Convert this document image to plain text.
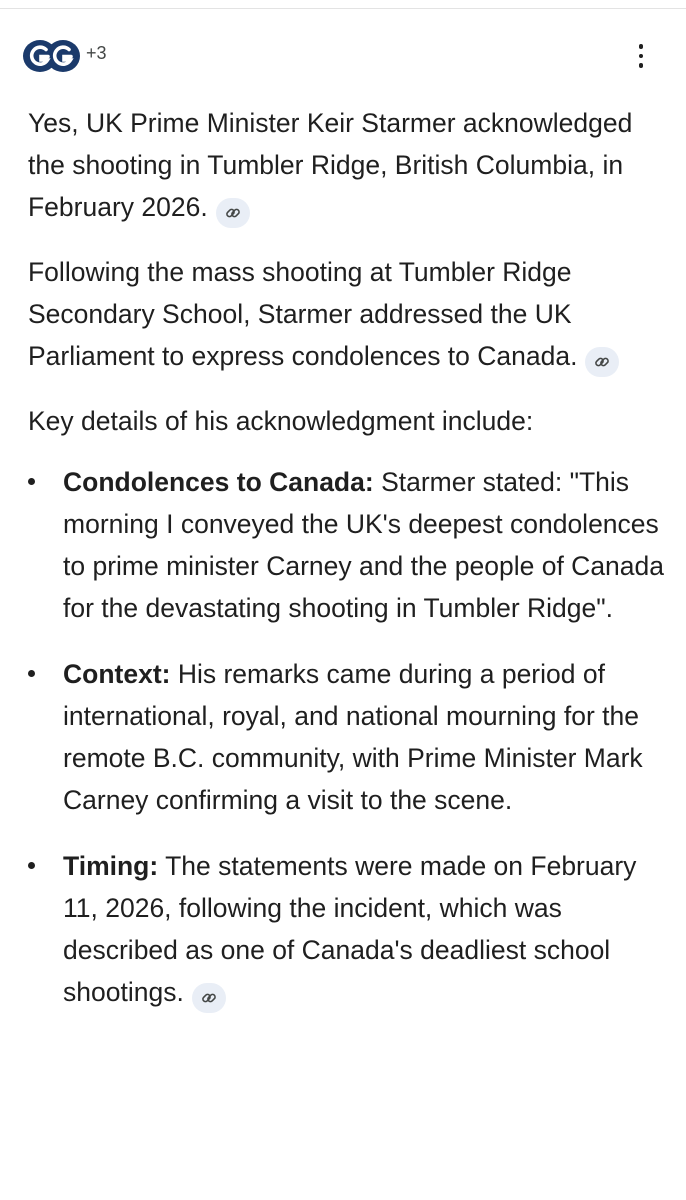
+3

Yes, UK Prime Minister Keir Starmer acknowledged the shooting in Tumbler Ridge, British Columbia, in February 2026.

Following the mass shooting at Tumbler Ridge Secondary School, Starmer addressed the UK Parliament to express condolences to Canada.

Key details of his acknowledgment include:

Condolences to Canada: Starmer stated: "This morning I conveyed the UK's deepest condolences to prime minister Carney and the people of Canada for the devastating shooting in Tumbler Ridge".
Context: His remarks came during a period of international, royal, and national mourning for the remote B.C. community, with Prime Minister Mark Carney confirming a visit to the scene.
Timing: The statements were made on February 11, 2026, following the incident, which was described as one of Canada's deadliest school shootings.
